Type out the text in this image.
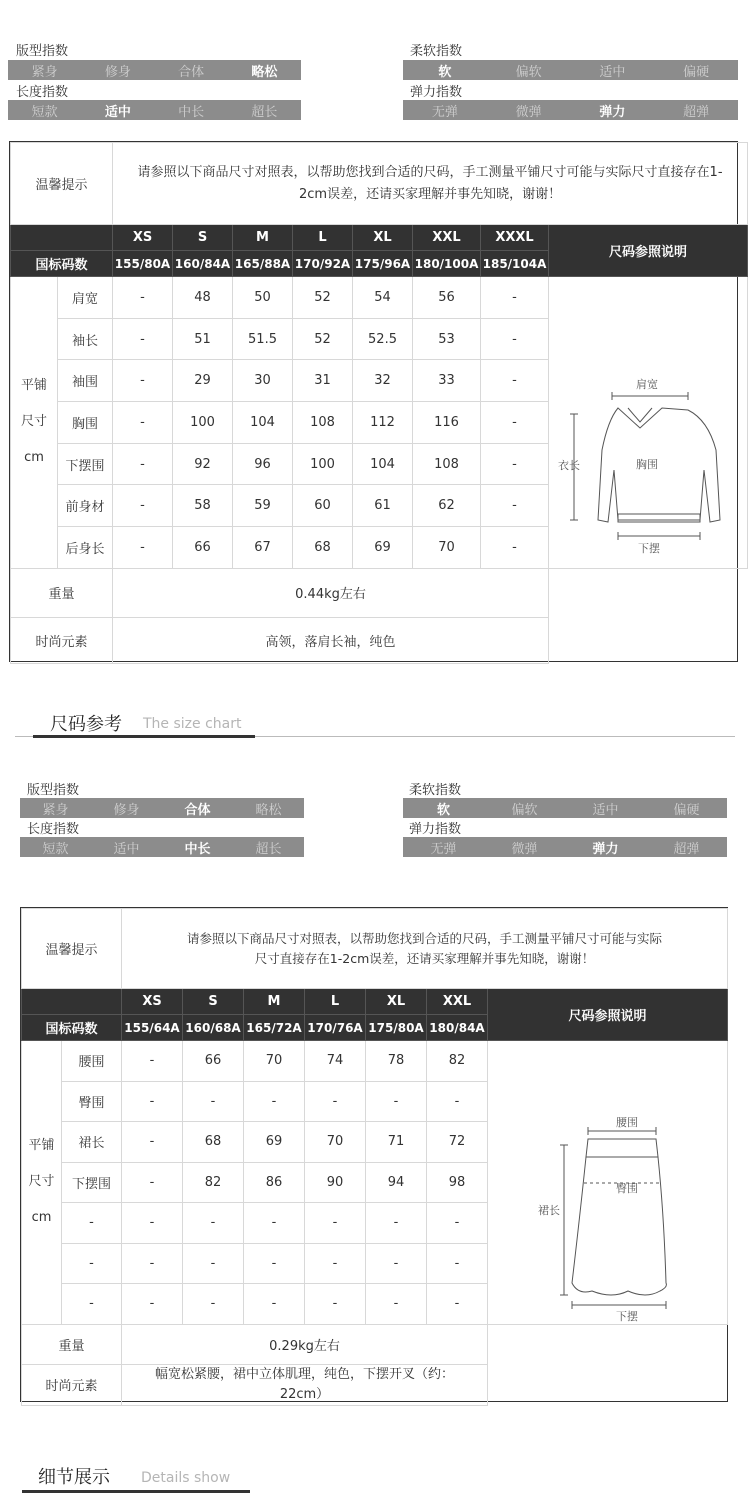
版型指数
紧身	修身	合体	略松
长度指数
短款	适中	中长	超长
柔软指数
软	偏软	适中	偏硬
弹力指数
无弹	微弹	弹力	超弹
温馨提示		请参照以下商品尺寸对照表，以帮助您找到合适的尺码，手工测量平铺尺寸可能与实际尺寸直接存在1-2cm误差，还请买家理解并事先知晓，谢谢！							
		XS	S	M	L	XL	XXL	XXXL	尺码参照说明
国标码数		155/80A	160/84A	165/88A	170/92A	175/96A	180/100A	185/104A	

平铺
尺寸
cm	肩宽	-	48	50	52	54	56	-	
	袖长	-	51	51.5	52	52.5	53	-	
	袖围	-	29	30	31	32	33	-	
	胸围	-	100	104	108	112	116	-	
	下摆围	-	92	96	100	104	108	-	
	前身材	-	58	59	60	61	62	-	
	后身长	-	66	67	68	69	70	-	
重量		0.44kg左右							
时尚元素		高领，落肩长袖，纯色							
肩宽
衣长	胸围
下摆
尺码参考 The size chart
版型指数
紧身	修身	合体	略松
长度指数
短款	适中	中长	超长
柔软指数
软	偏软	适中	偏硬
弹力指数
无弹	微弹	弹力	超弹
温馨提示		请参照以下商品尺寸对照表，以帮助您找到合适的尺码，手工测量平铺尺寸可能与实际
尺寸直接存在1-2cm误差，还请买家理解并事先知晓，谢谢！						

		XS	S	M	L	XL	XXL	尺码参照说明
国标码数		155/64A	160/68A	165/72A	170/76A	175/80A	180/84A	

平铺
尺寸
cm	腰围	-	66	70	74	78	82	
	臀围	-	-	-	-	-	-	
	裙长	-	68	69	70	71	72	
	下摆围	-	82	86	90	94	98	
	-	-	-	-	-	-	-	
	-	-	-	-	-	-	-	
	-	-	-	-	-	-	-	
重量		0.29kg左右						
时尚元素		幅宽松紧腰，裙中立体肌理，纯色，下摆开叉（约：
22cm）						
腰围
臀围
裙长
下摆
细节展示 Details show
